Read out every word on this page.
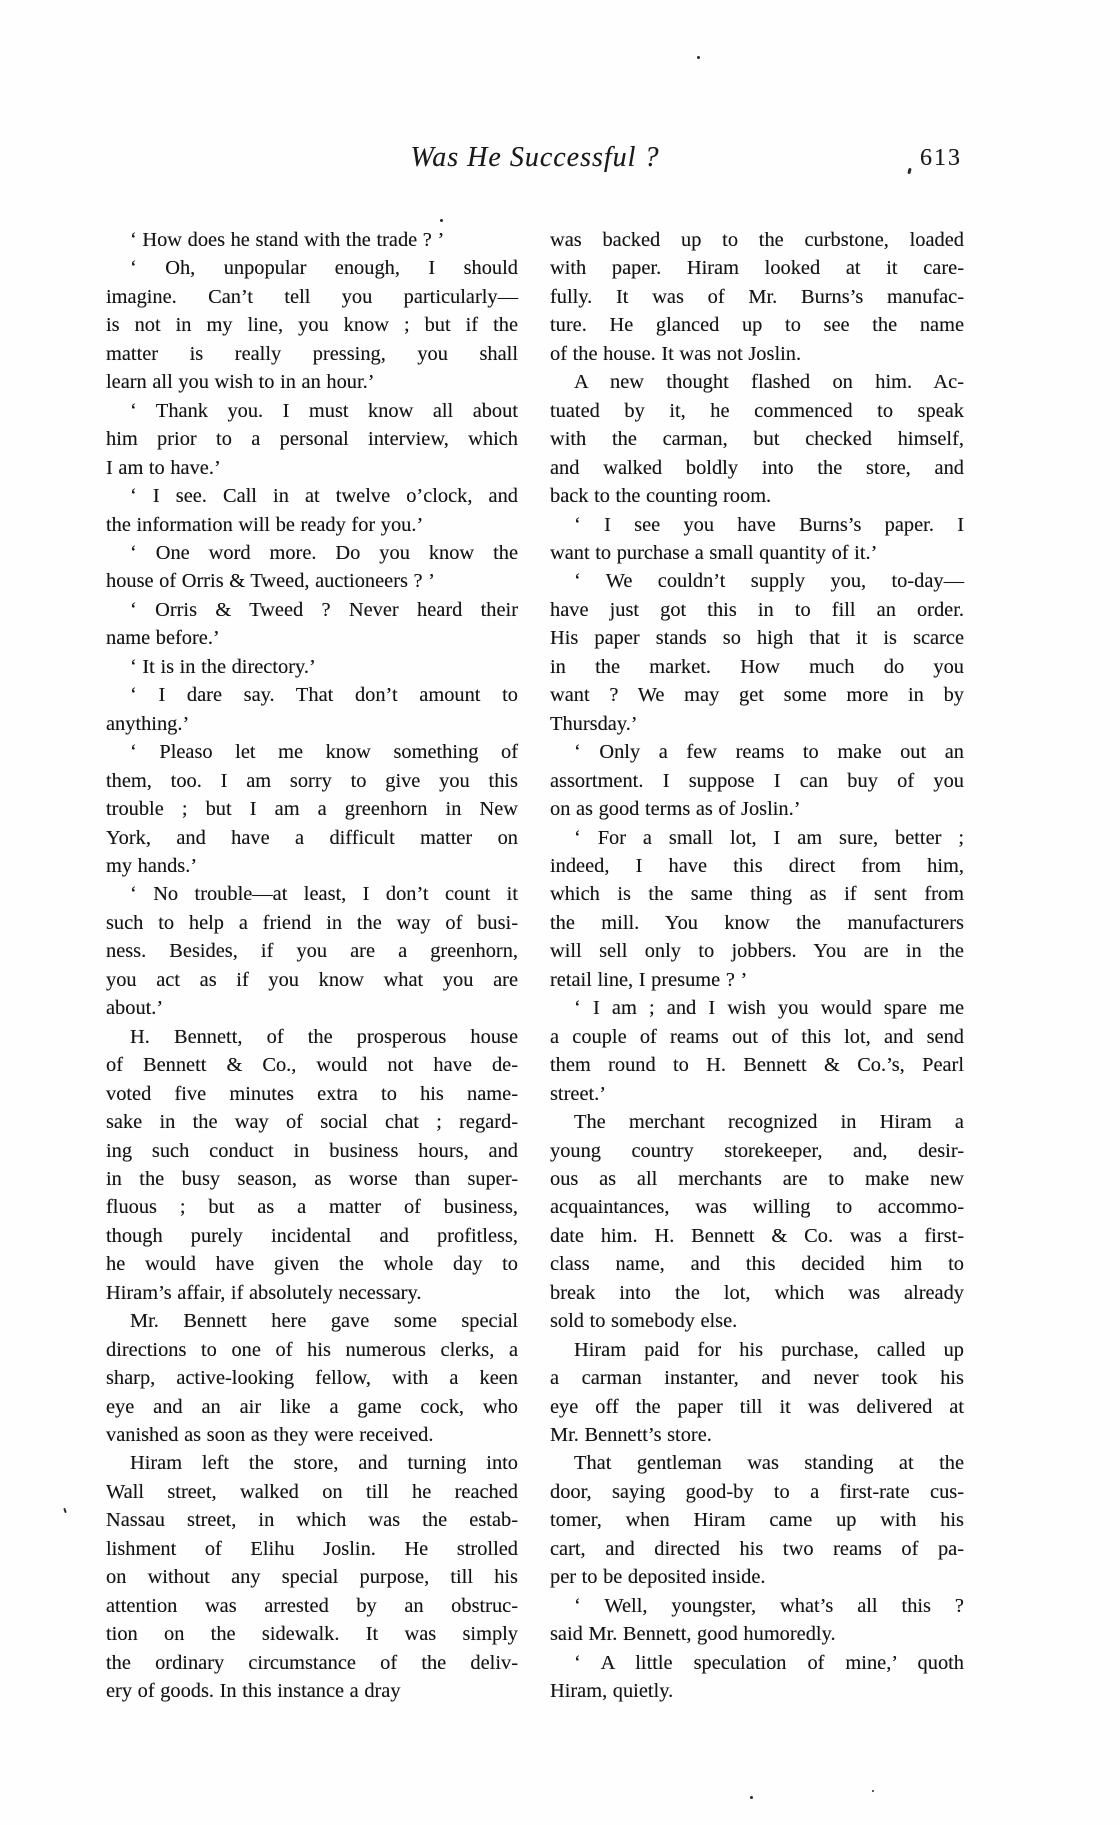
Was He Successful ?	613
‘ How does he stand with the trade ? ’
‘ Oh, unpopular enough, I should
imagine. Can’t tell you particularly—
is not in my line, you know ; but if the
matter is really pressing, you shall
learn all you wish to in an hour.’
‘ Thank you. I must know all about
him prior to a personal interview, which
I am to have.’
‘ I see. Call in at twelve o’clock, and
the information will be ready for you.’
‘ One word more. Do you know the
house of Orris & Tweed, auctioneers ? ’
‘ Orris & Tweed ? Never heard their
name before.’
‘ It is in the directory.’
‘ I dare say. That don’t amount to
anything.’
‘ Pleaso let me know something of
them, too. I am sorry to give you this
trouble ; but I am a greenhorn in New
York, and have a difficult matter on
my hands.’
‘ No trouble—at least, I don’t count it
such to help a friend in the way of busi-
ness. Besides, if you are a greenhorn,
you act as if you know what you are
about.’
H. Bennett, of the prosperous house
of Bennett & Co., would not have de-
voted five minutes extra to his name-
sake in the way of social chat ; regard-
ing such conduct in business hours, and
in the busy season, as worse than super-
fluous ; but as a matter of business,
though purely incidental and profitless,
he would have given the whole day to
Hiram’s affair, if absolutely necessary.
Mr. Bennett here gave some special
directions to one of his numerous clerks, a
sharp, active-looking fellow, with a keen
eye and an air like a game cock, who
vanished as soon as they were received.
Hiram left the store, and turning into
Wall street, walked on till he reached
Nassau street, in which was the estab-
lishment of Elihu Joslin. He strolled
on without any special purpose, till his
attention was arrested by an obstruc-
tion on the sidewalk. It was simply
the ordinary circumstance of the deliv-
ery of goods. In this instance a dray
was backed up to the curbstone, loaded
with paper. Hiram looked at it care-
fully. It was of Mr. Burns’s manufac-
ture. He glanced up to see the name
of the house. It was not Joslin.
A new thought flashed on him. Ac-
tuated by it, he commenced to speak
with the carman, but checked himself,
and walked boldly into the store, and
back to the counting room.
‘ I see you have Burns’s paper. I
want to purchase a small quantity of it.’
‘ We couldn’t supply you, to-day—
have just got this in to fill an order.
His paper stands so high that it is scarce
in the market. How much do you
want ? We may get some more in by
Thursday.’
‘ Only a few reams to make out an
assortment. I suppose I can buy of you
on as good terms as of Joslin.’
‘ For a small lot, I am sure, better ;
indeed, I have this direct from him,
which is the same thing as if sent from
the mill. You know the manufacturers
will sell only to jobbers. You are in the
retail line, I presume ? ’
‘ I am ; and I wish you would spare me
a couple of reams out of this lot, and send
them round to H. Bennett & Co.’s, Pearl
street.’
The merchant recognized in Hiram a
young country storekeeper, and, desir-
ous as all merchants are to make new
acquaintances, was willing to accommo-
date him. H. Bennett & Co. was a first-
class name, and this decided him to
break into the lot, which was already
sold to somebody else.
Hiram paid for his purchase, called up
a carman instanter, and never took his
eye off the paper till it was delivered at
Mr. Bennett’s store.
That gentleman was standing at the
door, saying good-by to a first-rate cus-
tomer, when Hiram came up with his
cart, and directed his two reams of pa-
per to be deposited inside.
‘ Well, youngster, what’s all this ?
said Mr. Bennett, good humoredly.
‘ A little speculation of mine,’ quoth
Hiram, quietly.
